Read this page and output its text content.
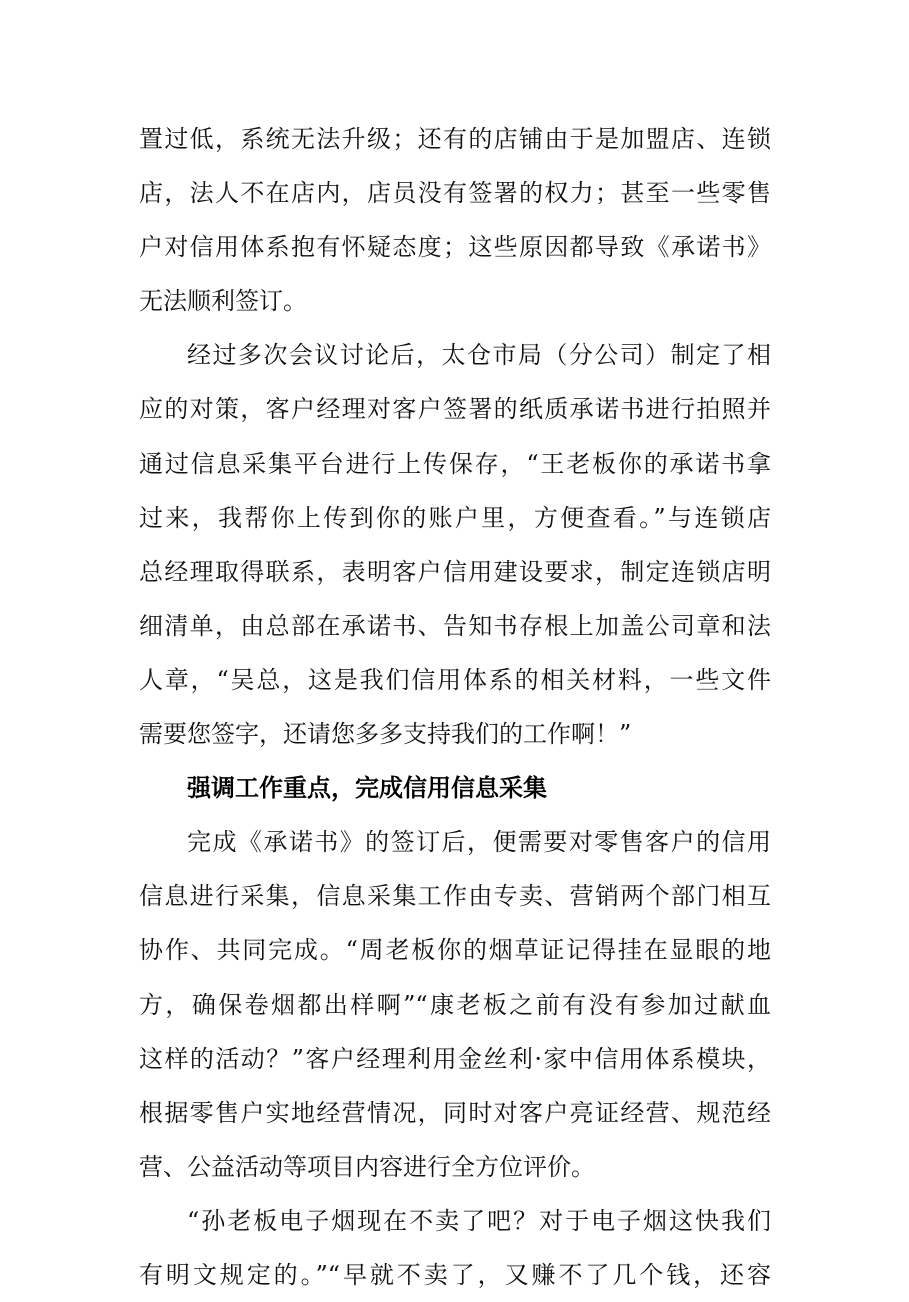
置过低，系统无法升级；还有的店铺由于是加盟店、连锁
店，法人不在店内，店员没有签署的权力；甚至一些零售
户对信用体系抱有怀疑态度；这些原因都导致《承诺书》
无法顺利签订。
经过多次会议讨论后，太仓市局（分公司）制定了相
应的对策，客户经理对客户签署的纸质承诺书进行拍照并
通过信息采集平台进行上传保存，“王老板你的承诺书拿
过来，我帮你上传到你的账户里，方便查看。”与连锁店
总经理取得联系，表明客户信用建设要求，制定连锁店明
细清单，由总部在承诺书、告知书存根上加盖公司章和法
人章，“吴总，这是我们信用体系的相关材料，一些文件
需要您签字，还请您多多支持我们的工作啊！”
强调工作重点，完成信用信息采集
完成《承诺书》的签订后，便需要对零售客户的信用
信息进行采集，信息采集工作由专卖、营销两个部门相互
协作、共同完成。“周老板你的烟草证记得挂在显眼的地
方，确保卷烟都出样啊”“康老板之前有没有参加过献血
这样的活动？”客户经理利用金丝利·家中信用体系模块，
根据零售户实地经营情况，同时对客户亮证经营、规范经
营、公益活动等项目内容进行全方位评价。
“孙老板电子烟现在不卖了吧？对于电子烟这快我们
有明文规定的。”“早就不卖了，又赚不了几个钱，还容
